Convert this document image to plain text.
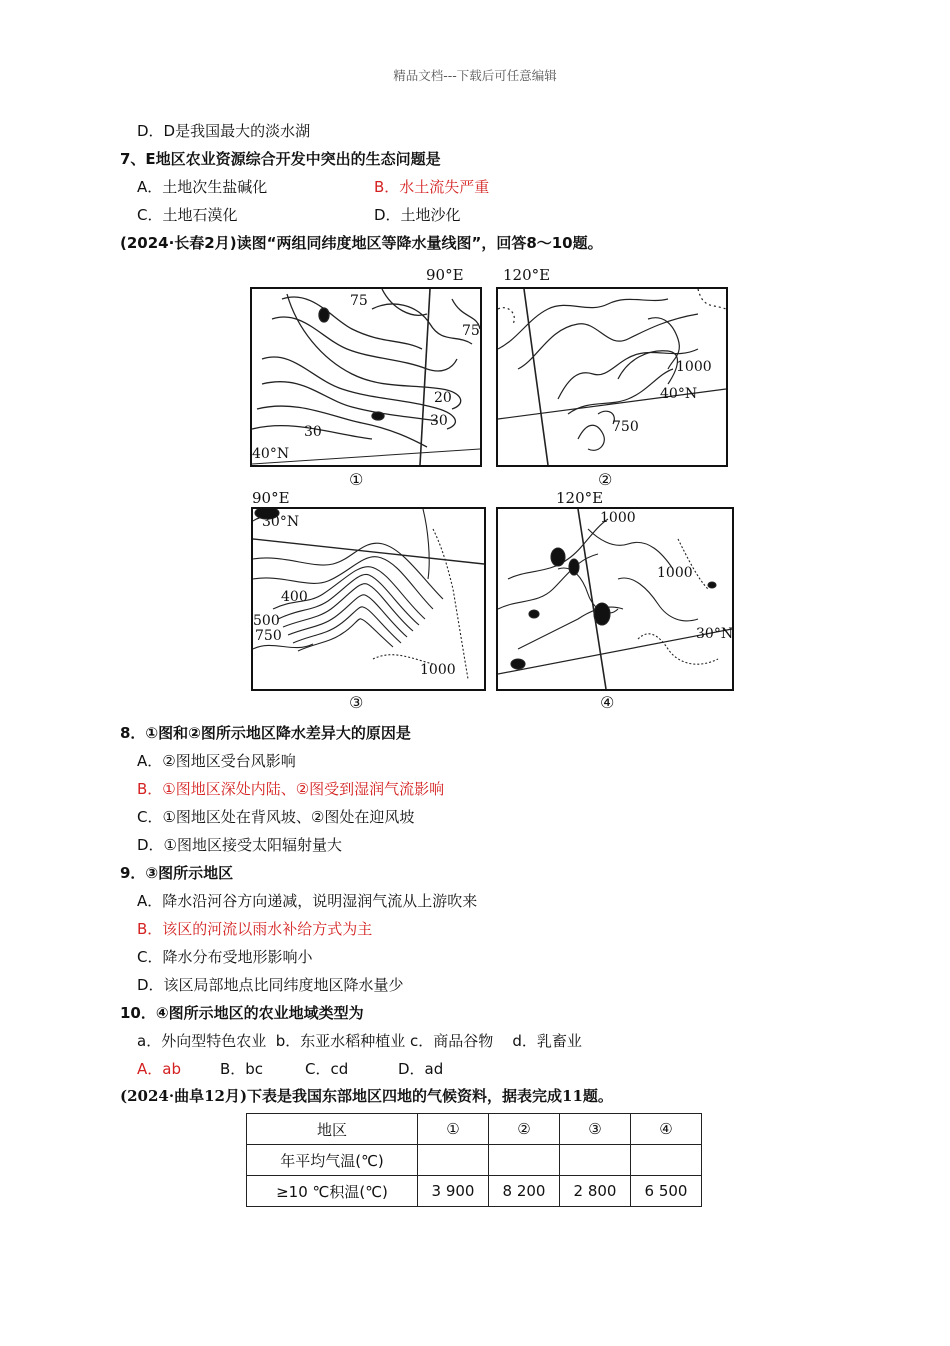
精品文档---下载后可任意编辑
D．D是我国最大的淡水湖
7、E地区农业资源综合开发中突出的生态问题是
A．土地次生盐碱化	B．水土流失严重
C．土地石漠化	D．土地沙化
(2024·长春2月)读图“两组同纬度地区等降水量线图”，回答8～10题。
90°E
75
75
20
30
30
40°N
①
120°E
1000
40°N
750
②
90°E
30°N
400
500
750
1000
③
120°E
1000
1000
30°N
④
8．①图和②图所示地区降水差异大的原因是
A．②图地区受台风影响
B．①图地区深处内陆、②图受到湿润气流影响
C．①图地区处在背风坡、②图处在迎风坡
D．①图地区接受太阳辐射量大
9．③图所示地区
A．降水沿河谷方向递减，说明湿润气流从上游吹来
B．该区的河流以雨水补给方式为主
C．降水分布受地形影响小
D．该区局部地点比同纬度地区降水量少
10．④图所示地区的农业地域类型为
a．外向型特色农业  b．东亚水稻种植业 c．商品谷物    d．乳畜业
A．ab	B．bc	C．cd	D．ad
(2024·曲阜12月)下表是我国东部地区四地的气候资料，据表完成11题。
地区	①	②	③	④
年平均气温(℃)				
≥10 ℃积温(℃)	3 900	8 200	2 800	6 500
